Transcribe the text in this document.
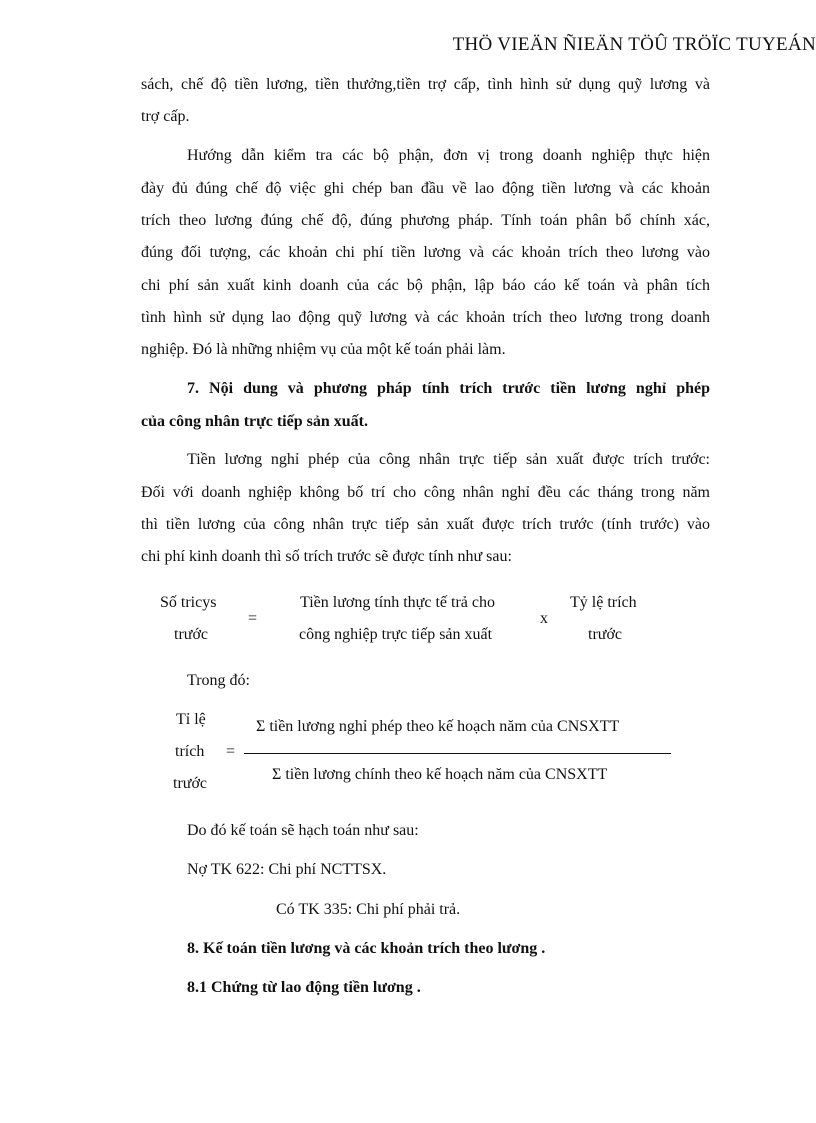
THÖ VIEÄN ÑIEÄN TÖÛ TRÖÏC TUYEÁN
sách, chế độ tiền lương, tiền thưởng,tiền trợ cấp, tình hình sử dụng quỹ lương và
trợ cấp.
Hướng dẫn kiểm tra các bộ phận, đơn vị trong doanh nghiệp thực hiện
đày đủ đúng chế độ việc ghi chép ban đầu về lao động tiền lương và các khoản
trích theo lương đúng chế độ, đúng phương pháp. Tính toán phân bổ chính xác,
đúng đối tượng, các khoản chi phí tiền lương và các khoản trích theo lương vào
chi phí sản xuất kinh doanh của các bộ phận, lập báo cáo kế toán và phân tích
tình hình sử dụng lao động quỹ lương và các khoản trích theo lương trong doanh
nghiệp. Đó là những nhiệm vụ của một kế toán phải làm.
7. Nội dung và phương pháp tính trích trước tiền lương nghỉ phép
của công nhân trực tiếp sản xuất.
Tiền lương nghỉ phép của công nhân trực tiếp sản xuất được trích trước:
Đối với doanh nghiệp không bố trí cho công nhân nghỉ đều các tháng trong năm
thì tiền lương của công nhân trực tiếp sản xuất được trích trước (tính trước) vào
chi phí kinh doanh thì số trích trước sẽ được tính như sau:
Số tricys
trước
=
Tiền lương tính thực tế trả cho
công nghiệp trực tiếp sản xuất
x
Tỷ lệ trích
trước
Trong đó:
Tỉ lệ
trích
trước
=
Σ tiền lương nghỉ phép theo kế hoạch năm của CNSXTT
Σ tiền lương chính theo kế hoạch năm của CNSXTT
Do đó kế toán sẽ hạch toán như sau:
Nợ TK 622: Chi phí NCTTSX.
Có TK 335: Chi phí phải trả.
8. Kế toán tiền lương và các khoản trích theo lương .
8.1 Chứng từ lao động tiền lương .
